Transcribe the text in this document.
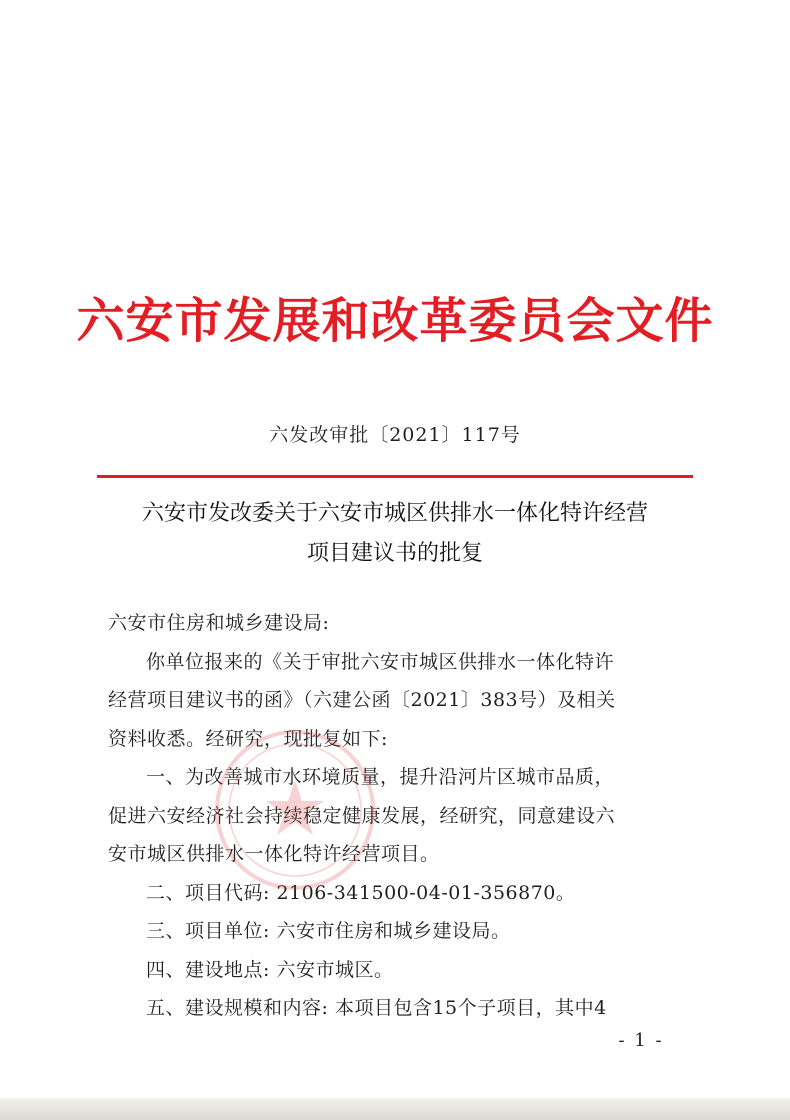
六安市发展和改革委员会文件
六发改审批〔2021〕117号
六安市发改委关于六安市城区供排水一体化特许经营
项目建议书的批复

六安市住房和城乡建设局:

你单位报来的《关于审批六安市城区供排水一体化特许

经营项目建议书的函》（六建公函〔2021〕383号）及相关

资料收悉。经研究，现批复如下:

一、为改善城市水环境质量，提升沿河片区城市品质，

促进六安经济社会持续稳定健康发展，经研究，同意建设六

安市城区供排水一体化特许经营项目。

二、项目代码: 2106-341500-04-01-356870。

三、项目单位: 六安市住房和城乡建设局。

四、建设地点: 六安市城区。

五、建设规模和内容: 本项目包含15个子项目，其中4

- 1 -
